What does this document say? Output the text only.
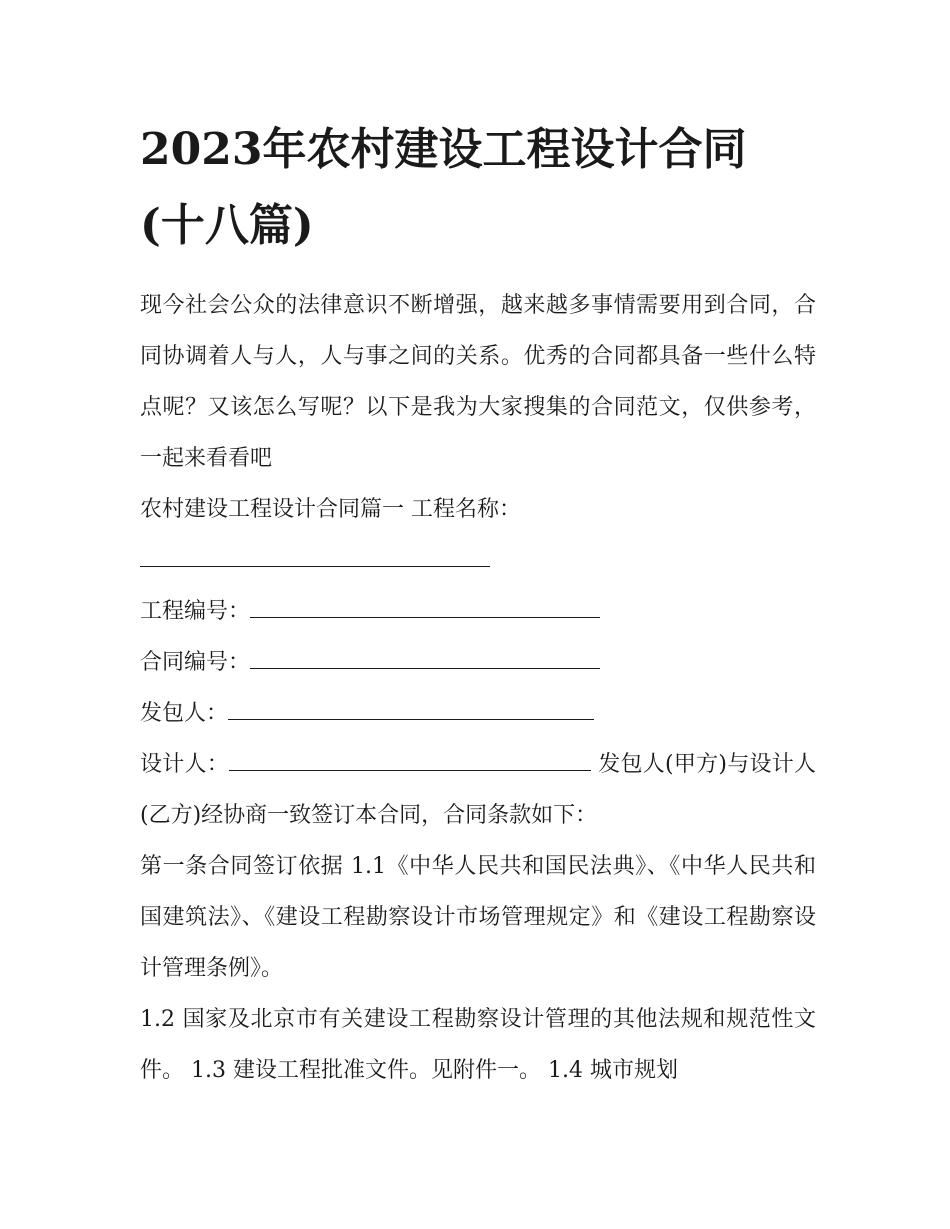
2023年农村建设工程设计合同
(十八篇)

现今社会公众的法律意识不断增强，越来越多事情需要用到合同，合同协调着人与人，人与事之间的关系。优秀的合同都具备一些什么特点呢？又该怎么写呢？以下是我为大家搜集的合同范文，仅供参考，一起来看看吧

农村建设工程设计合同篇一 工程名称：

工程编号：
合同编号：
发包人：

设计人：	发包人(甲方)与设计人(乙方)经协商一致签订本合同，合同条款如下：

第一条合同签订依据 1.1《中华人民共和国民法典》、《中华人民共和国建筑法》、《建设工程勘察设计市场管理规定》和《建设工程勘察设计管理条例》。

1.2 国家及北京市有关建设工程勘察设计管理的其他法规和规范性文件。 1.3 建设工程批准文件。见附件一。 1.4 城市规划
